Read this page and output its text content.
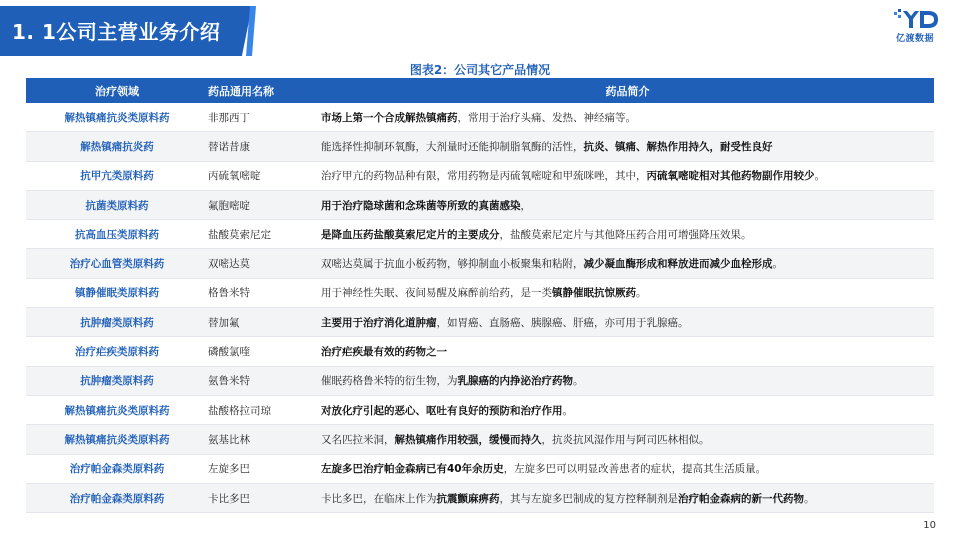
1. 1公司主营业务介绍	亿渡数据
图表2：公司其它产品情况
治疗领域	药品通用名称	药品简介
解热镇痛抗炎类原料药	非那西丁	市场上第一个合成解热镇痛药，常用于治疗头痛、发热、神经痛等。
解热镇痛抗炎药	替诺昔康	能选择性抑制环氧酶，大剂量时还能抑制脂氧酶的活性，抗炎、镇痛、解热作用持久，耐受性良好
抗甲亢类原料药	丙硫氧嘧啶	治疗甲亢的药物品种有限，常用药物是丙硫氧嘧啶和甲巯咪唑，其中，丙硫氧嘧啶相对其他药物副作用较少。
抗菌类原料药	氟胞嘧啶	用于治疗隐球菌和念珠菌等所致的真菌感染，
抗高血压类原料药	盐酸莫索尼定	是降血压药盐酸莫索尼定片的主要成分，盐酸莫索尼定片与其他降压药合用可增强降压效果。
治疗心血管类原料药	双嘧达莫	双嘧达莫属于抗血小板药物，够抑制血小板聚集和粘附，减少凝血酶形成和释放进而减少血栓形成。
镇静催眠类原料药	格鲁米特	用于神经性失眠、夜间易醒及麻醉前给药，是一类镇静催眠抗惊厥药。
抗肿瘤类原料药	替加氟	主要用于治疗消化道肿瘤，如胃癌、直肠癌、胰腺癌、肝癌，亦可用于乳腺癌。
治疗疟疾类原料药	磷酸氯喹	治疗疟疾最有效的药物之一
抗肿瘤类原料药	氨鲁米特	催眠药格鲁米特的衍生物，为乳腺癌的内挣泌治疗药物。
解热镇痛抗炎类原料药	盐酸格拉司琼	对放化疗引起的恶心、呕吐有良好的预防和治疗作用。
解热镇痛抗炎类原料药	氨基比林	又名匹拉米洞，解热镇痛作用较强，缓慢而持久，抗炎抗风湿作用与阿司匹林相似。
治疗帕金森类原料药	左旋多巴	左旋多巴治疗帕金森病已有40年余历史，左旋多巴可以明显改善患者的症状，提高其生活质量。
治疗帕金森类原料药	卡比多巴	卡比多巴，在临床上作为抗震颤麻痹药，其与左旋多巴制成的复方控释制剂是治疗帕金森病的新一代药物。
10
